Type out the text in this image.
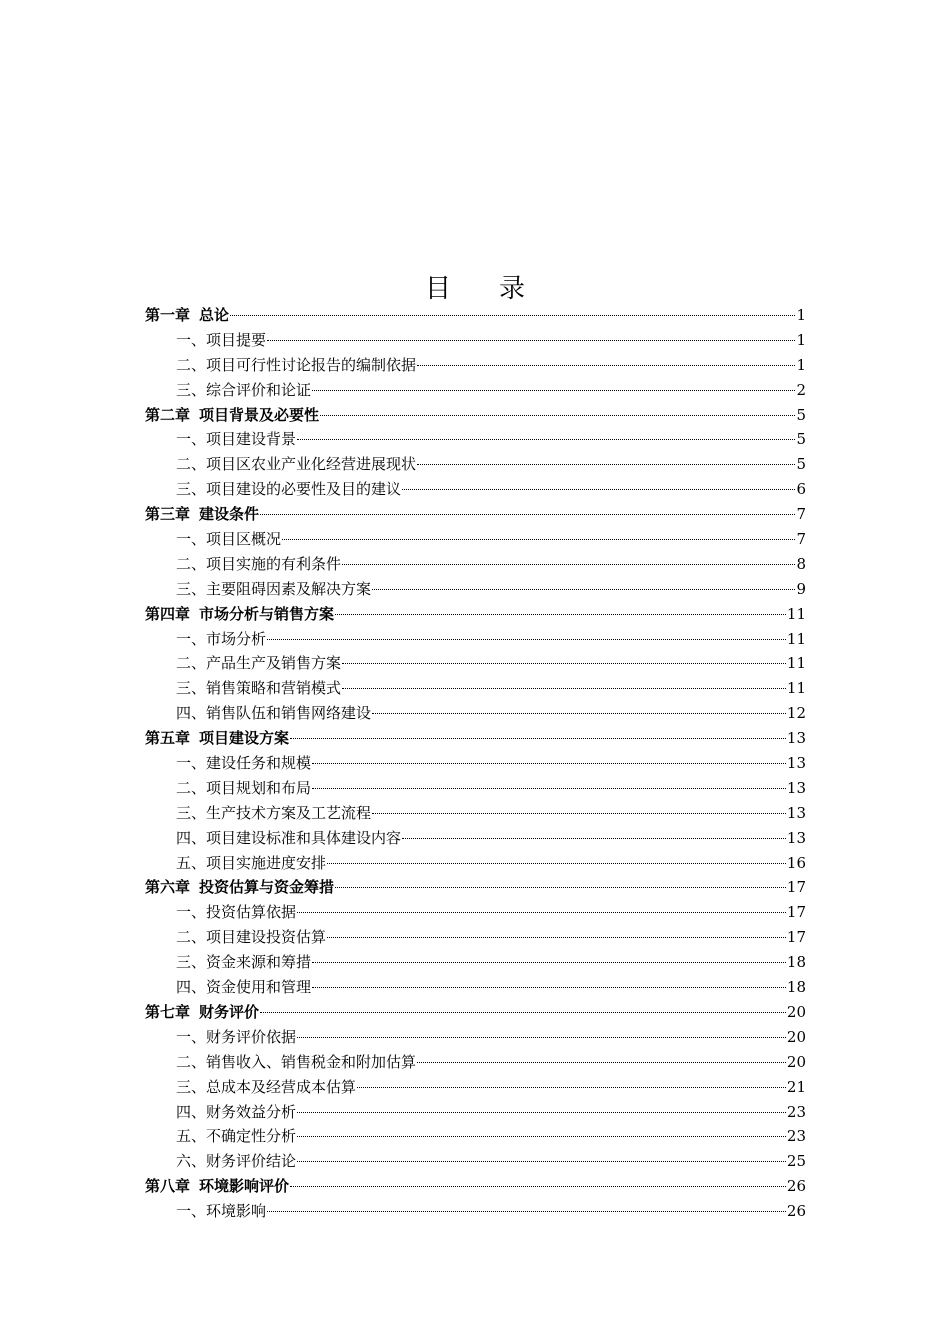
目 录
第一章 总论	1
一、项目提要	1
二、项目可行性讨论报告的编制依据	1
三、综合评价和论证	2
第二章 项目背景及必要性	5
一、项目建设背景	5
二、项目区农业产业化经营进展现状	5
三、项目建设的必要性及目的建议	6
第三章 建设条件	7
一、项目区概况	7
二、项目实施的有利条件	8
三、主要阻碍因素及解决方案	9
第四章 市场分析与销售方案	11
一、市场分析	11
二、产品生产及销售方案	11
三、销售策略和营销模式	11
四、销售队伍和销售网络建设	12
第五章 项目建设方案	13
一、建设任务和规模	13
二、项目规划和布局	13
三、生产技术方案及工艺流程	13
四、项目建设标准和具体建设内容	13
五、项目实施进度安排	16
第六章 投资估算与资金筹措	17
一、投资估算依据	17
二、项目建设投资估算	17
三、资金来源和筹措	18
四、资金使用和管理	18
第七章 财务评价	20
一、财务评价依据	20
二、销售收入、销售税金和附加估算	20
三、总成本及经营成本估算	21
四、财务效益分析	23
五、不确定性分析	23
六、财务评价结论	25
第八章 环境影响评价	26
一、环境影响	26
